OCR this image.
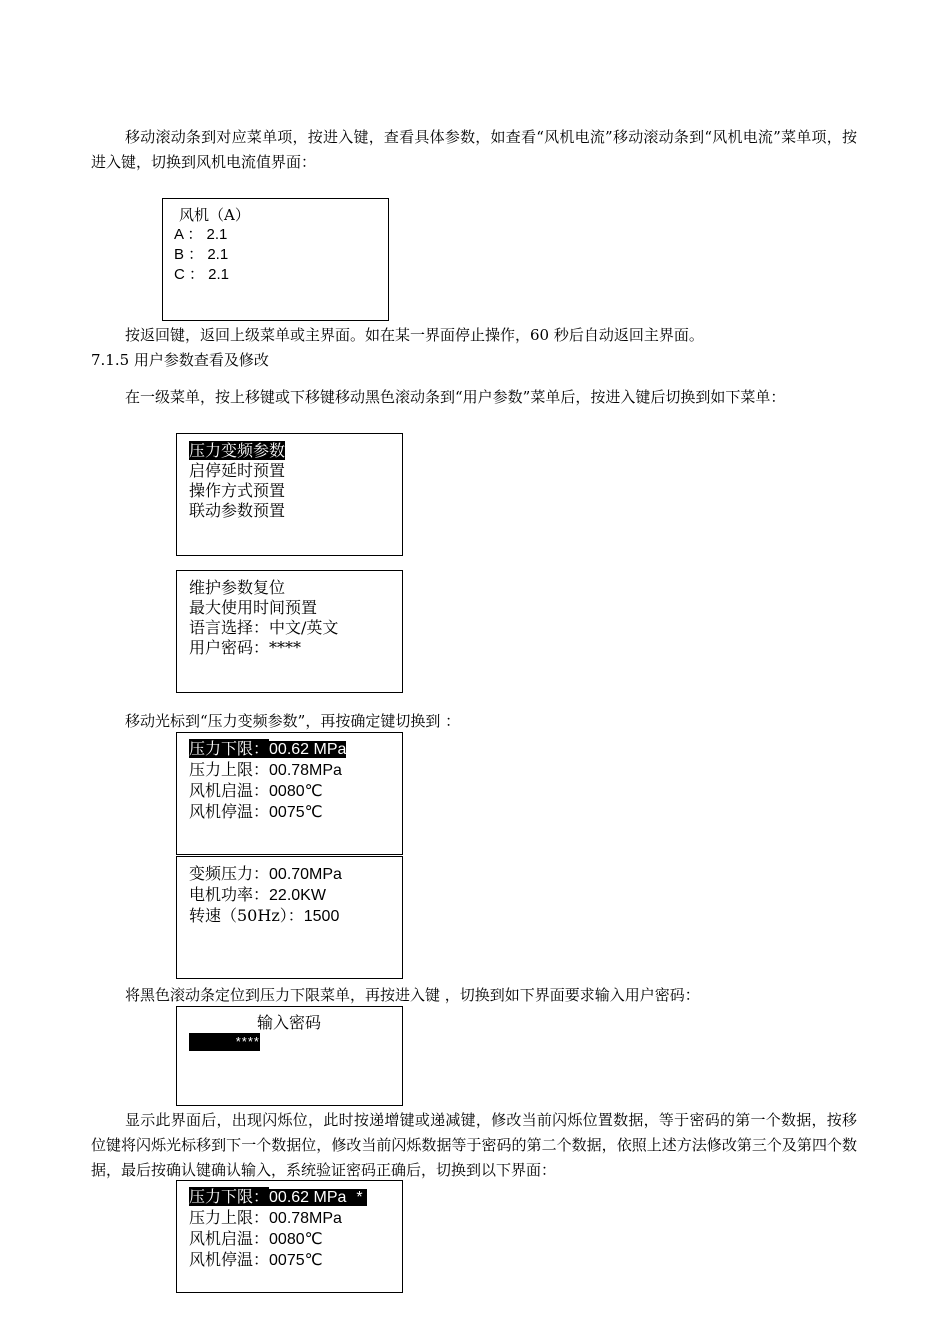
移动滚动条到对应菜单项，按进入键，查看具体参数，如查看“风机电流”移动滚动条到“风机电流”菜单项，按进入键，切换到风机电流值界面：

风机（A）
A ： 2.1
B ： 2.1
C ： 2.1

按返回键，返回上级菜单或主界面。如在某一界面停止操作，60 秒后自动返回主界面。

7.1.5 用户参数查看及修改

在一级菜单，按上移键或下移键移动黑色滚动条到“用户参数”菜单后，按进入键后切换到如下菜单：

压力变频参数
启停延时预置
操作方式预置
联动参数预置
维护参数复位
最大使用时间预置
语言选择：中文/英文
用户密码：****

移动光标到“压力变频参数”，再按确定键切换到 ：

压力下限：00.62 MPa
压力上限：00.78MPa
风机启温：0080℃
风机停温：0075℃
变频压力：00.70MPa
电机功率：22.0KW
转速（50Hz）：1500

将黑色滚动条定位到压力下限菜单，再按进入键 ，切换到如下界面要求输入用户密码：

输入密码
****

显示此界面后，出现闪烁位，此时按递增键或递减键，修改当前闪烁位置数据，等于密码的第一个数据，按移位键将闪烁光标移到下一个数据位，修改当前闪烁数据等于密码的第二个数据，依照上述方法修改第三个及第四个数据，最后按确认键确认输入，系统验证密码正确后，切换到以下界面：

压力下限：00.62 MPa *
压力上限：00.78MPa
风机启温：0080℃
风机停温：0075℃
